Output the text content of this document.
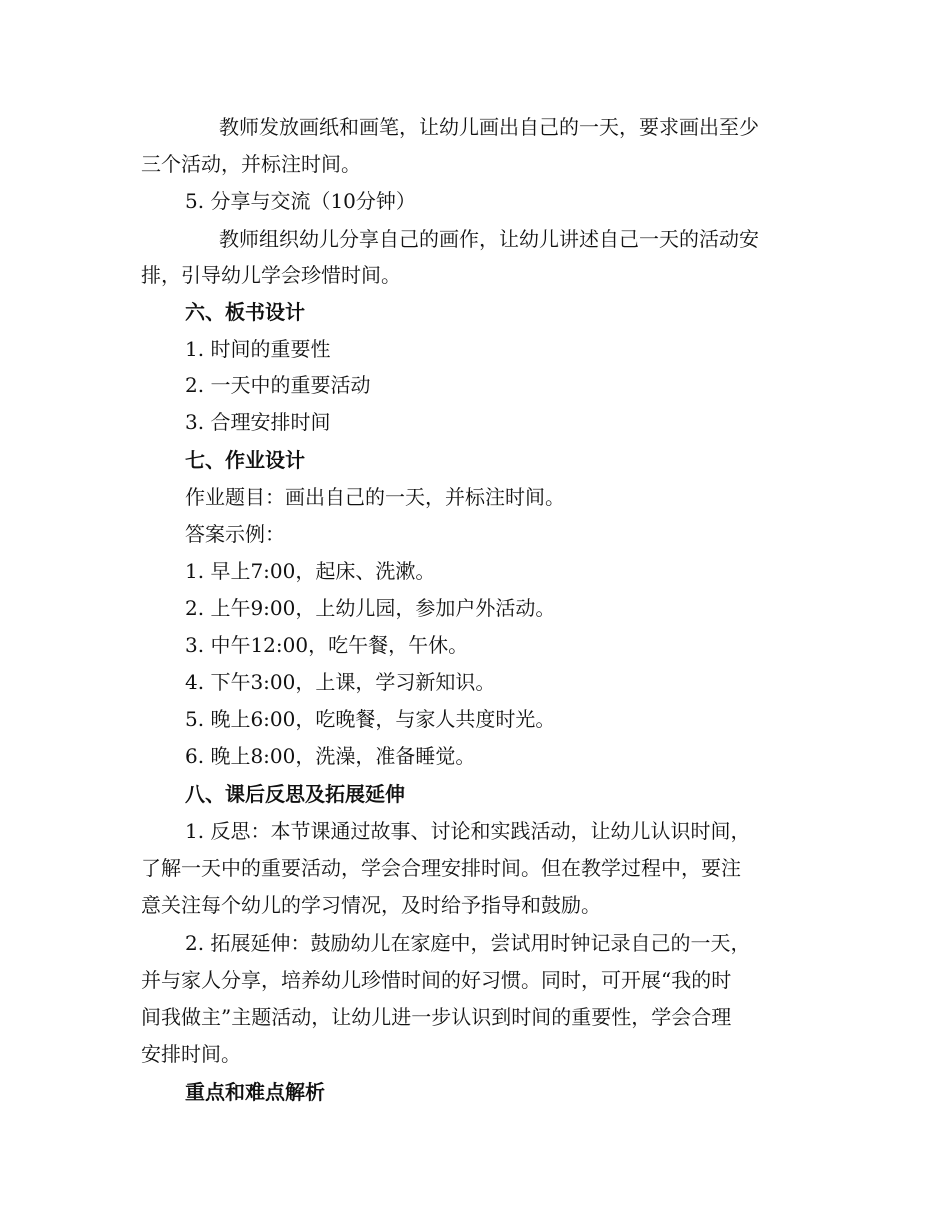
教师发放画纸和画笔，让幼儿画出自己的一天，要求画出至少
三个活动，并标注时间。
5. 分享与交流（10分钟）
教师组织幼儿分享自己的画作，让幼儿讲述自己一天的活动安
排，引导幼儿学会珍惜时间。
六、板书设计
1. 时间的重要性
2. 一天中的重要活动
3. 合理安排时间
七、作业设计
作业题目：画出自己的一天，并标注时间。
答案示例：
1. 早上7:00，起床、洗漱。
2. 上午9:00，上幼儿园，参加户外活动。
3. 中午12:00，吃午餐，午休。
4. 下午3:00，上课，学习新知识。
5. 晚上6:00，吃晚餐，与家人共度时光。
6. 晚上8:00，洗澡，准备睡觉。
八、课后反思及拓展延伸
1. 反思：本节课通过故事、讨论和实践活动，让幼儿认识时间，
了解一天中的重要活动，学会合理安排时间。但在教学过程中，要注
意关注每个幼儿的学习情况，及时给予指导和鼓励。
2. 拓展延伸：鼓励幼儿在家庭中，尝试用时钟记录自己的一天，
并与家人分享，培养幼儿珍惜时间的好习惯。同时，可开展“我的时
间我做主”主题活动，让幼儿进一步认识到时间的重要性，学会合理
安排时间。
重点和难点解析
